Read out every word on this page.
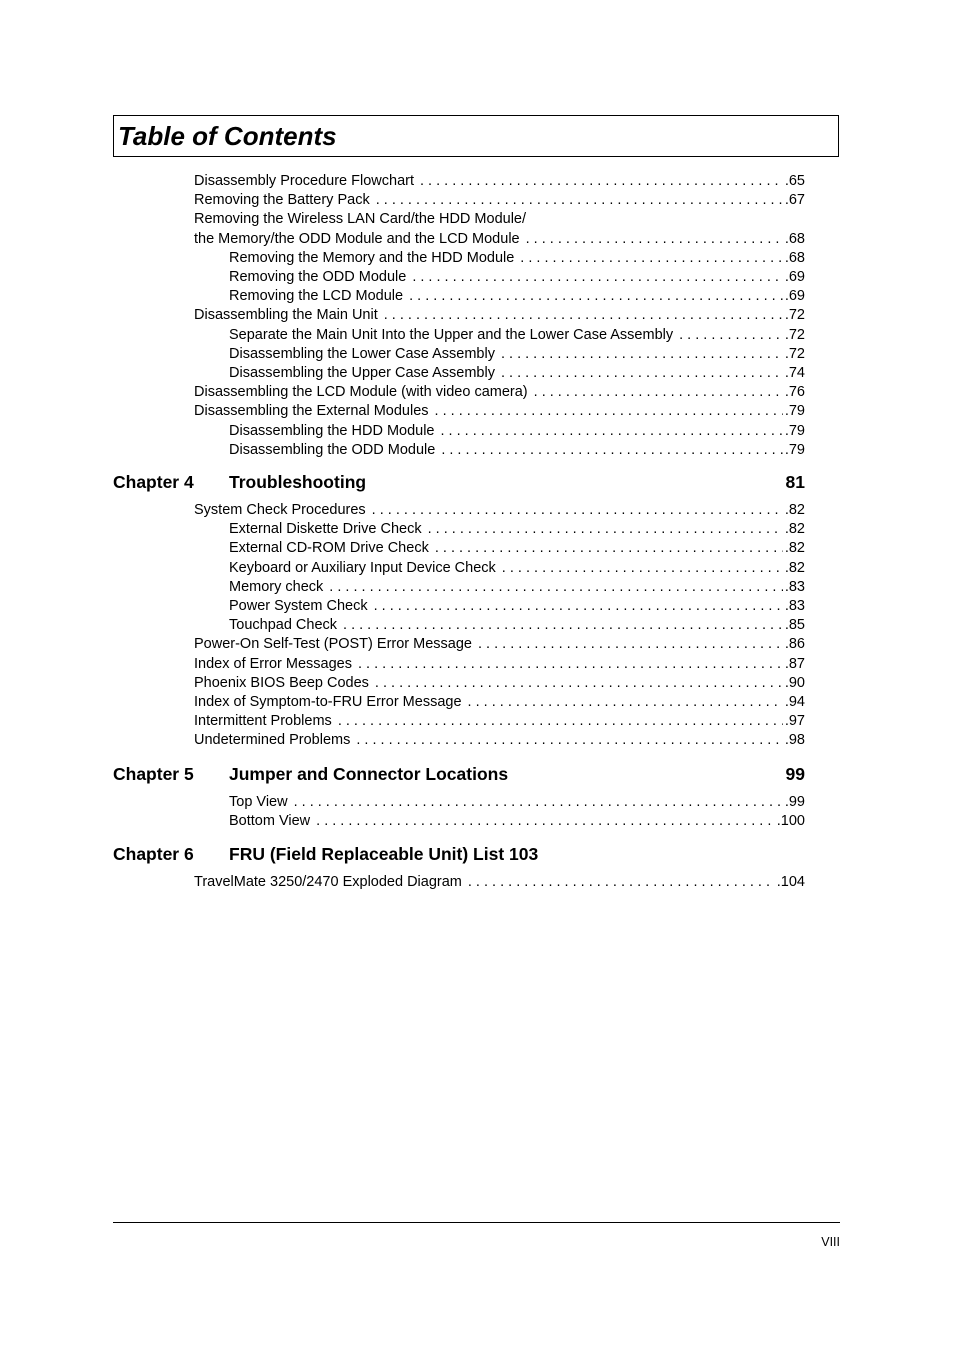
Table of Contents
Disassembly Procedure Flowchart . . .	.65
Removing the Battery Pack . . .	.67
Removing the Wireless LAN Card/the HDD Module/
the Memory/the ODD Module and the LCD Module . . .	.68
Removing the Memory and the HDD Module . . .	.68
Removing the ODD Module . . .	.69
Removing the LCD Module . . .	.69
Disassembling the Main Unit . . .	.72
Separate the Main Unit Into the Upper and the Lower Case Assembly . . .	.72
Disassembling the Lower Case Assembly . . .	.72
Disassembling the Upper Case Assembly . . .	.74
Disassembling the LCD Module (with video camera) . . .	.76
Disassembling the External Modules . . .	.79
Disassembling the HDD Module . . .	.79
Disassembling the ODD Module . . .	.79
Chapter 4 Troubleshooting	81
System Check Procedures . . .	.82
External Diskette Drive Check . . .	.82
External CD-ROM Drive Check . . .	.82
Keyboard or Auxiliary Input Device Check . . .	.82
Memory check . . .	.83
Power System Check . . .	.83
Touchpad Check . . .	.85
Power-On Self-Test (POST) Error Message . . .	.86
Index of Error Messages . . .	.87
Phoenix BIOS Beep Codes . . .	.90
Index of Symptom-to-FRU Error Message . . .	.94
Intermittent Problems . . .	.97
Undetermined Problems . . .	.98
Chapter 5 Jumper and Connector Locations	99
Top View . . .	.99
Bottom View . . .	.100
Chapter 6 FRU (Field Replaceable Unit) List 103
TravelMate 3250/2470 Exploded Diagram . . .	.104
VIII
